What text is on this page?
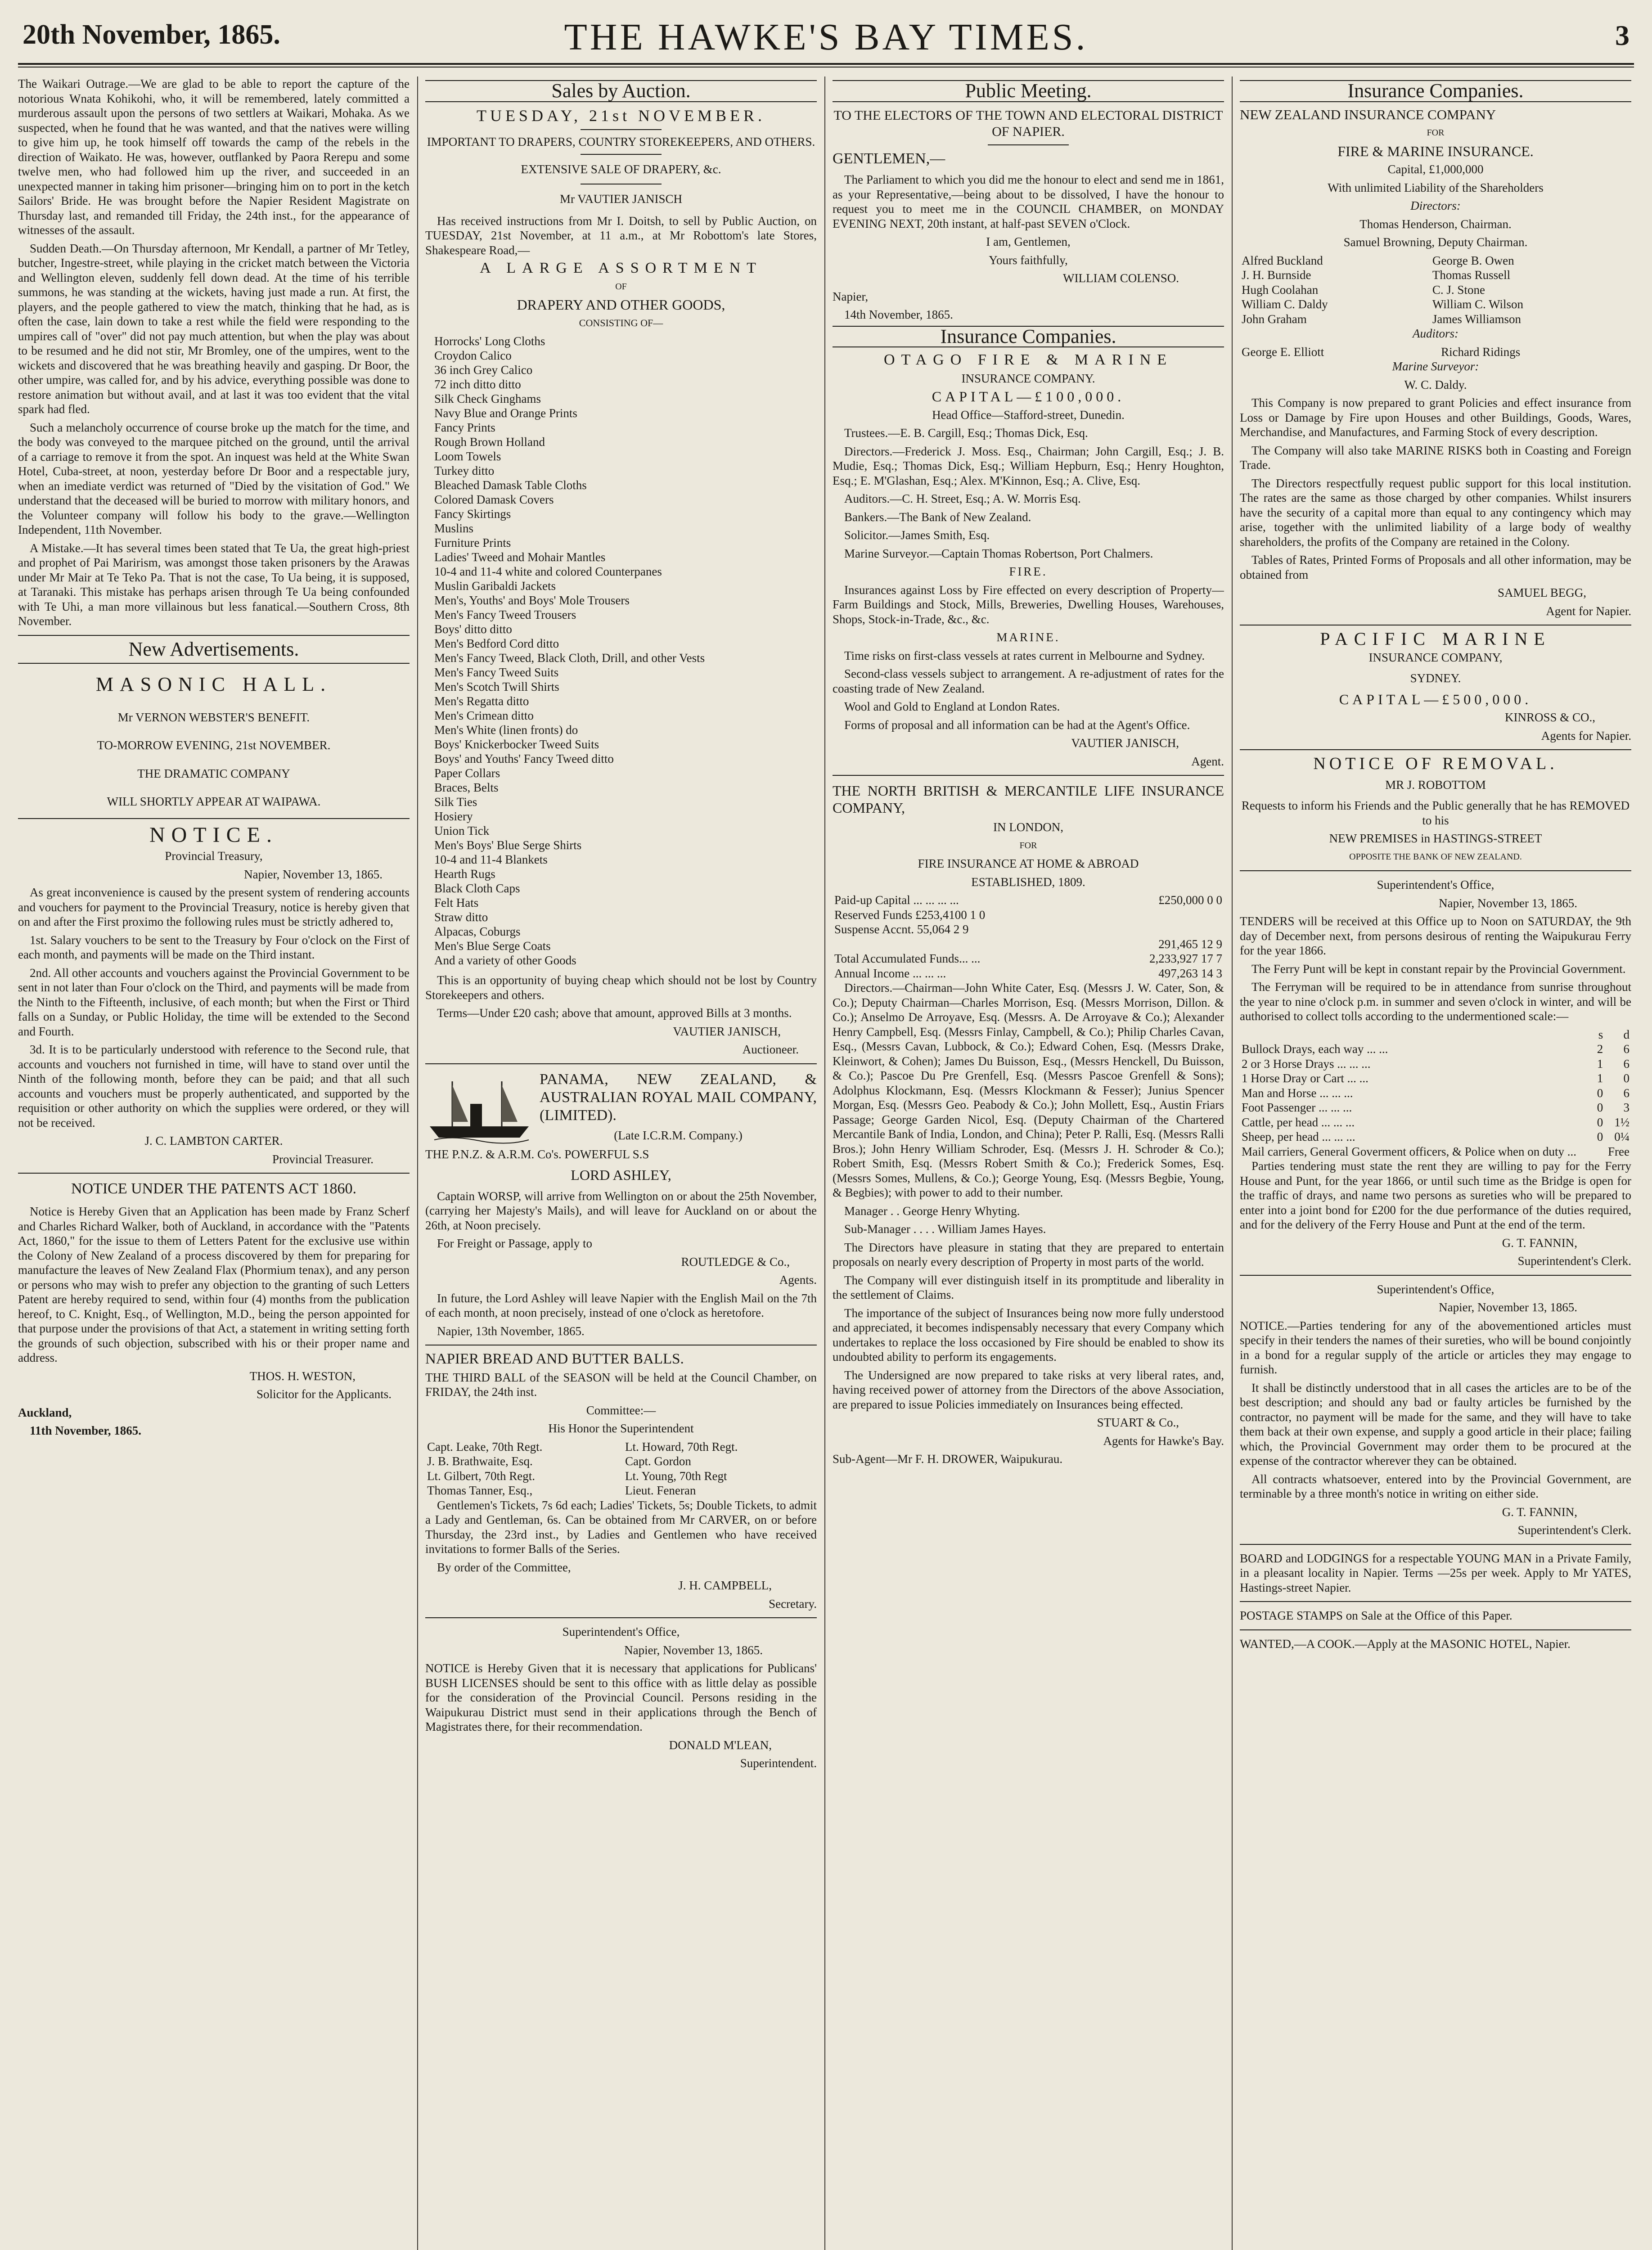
20th November, 1865.	THE HAWKE'S BAY TIMES.	3

The Waikari Outrage.—We are glad to be able to report the capture of the notorious Wnata Kohikohi, who, it will be remembered, lately committed a murderous assault upon the persons of two settlers at Waikari, Mohaka. As we suspected, when he found that he was wanted, and that the natives were willing to give him up, he took himself off towards the camp of the rebels in the direction of Waikato. He was, however, outflanked by Paora Rerepu and some twelve men, who had followed him up the river, and succeeded in an unexpected manner in taking him prisoner—bringing him on to port in the ketch Sailors' Bride. He was brought before the Napier Resident Magistrate on Thursday last, and remanded till Friday, the 24th inst., for the appearance of witnesses of the assault.

Sudden Death.—On Thursday afternoon, Mr Kendall, a partner of Mr Tetley, butcher, Ingestre-street, while playing in the cricket match between the Victoria and Wellington eleven, suddenly fell down dead. At the time of his terrible summons, he was standing at the wickets, having just made a run. At first, the players, and the people gathered to view the match, thinking that he had, as is often the case, lain down to take a rest while the field were responding to the umpires call of "over" did not pay much attention, but when the play was about to be resumed and he did not stir, Mr Bromley, one of the umpires, went to the wickets and discovered that he was breathing heavily and gasping. Dr Boor, the other umpire, was called for, and by his advice, everything possible was done to restore animation but without avail, and at last it was too evident that the vital spark had fled.

Such a melancholy occurrence of course broke up the match for the time, and the body was conveyed to the marquee pitched on the ground, until the arrival of a carriage to remove it from the spot. An inquest was held at the White Swan Hotel, Cuba-street, at noon, yesterday before Dr Boor and a respectable jury, when an imediate verdict was returned of "Died by the visitation of God." We understand that the deceased will be buried to morrow with military honors, and the Volunteer company will follow his body to the grave.—Wellington Independent, 11th November.

A Mistake.—It has several times been stated that Te Ua, the great high-priest and prophet of Pai Marirism, was amongst those taken prisoners by the Arawas under Mr Mair at Te Teko Pa. That is not the case, To Ua being, it is supposed, at Taranaki. This mistake has perhaps arisen through Te Ua being confounded with Te Uhi, a man more villainous but less fanatical.—Southern Cross, 8th November.

New Advertisements.
MASONIC HALL.

Mr VERNON WEBSTER'S BENEFIT.

TO-MORROW EVENING, 21st NOVEMBER.

THE DRAMATIC COMPANY

WILL SHORTLY APPEAR AT WAIPAWA.

NOTICE.

Provincial Treasury,

Napier, November 13, 1865.

As great inconvenience is caused by the present system of rendering accounts and vouchers for payment to the Provincial Treasury, notice is hereby given that on and after the First proximo the following rules must be strictly adhered to,

1st. Salary vouchers to be sent to the Treasury by Four o'clock on the First of each month, and payments will be made on the Third instant.

2nd. All other accounts and vouchers against the Provincial Government to be sent in not later than Four o'clock on the Third, and payments will be made from the Ninth to the Fifteenth, inclusive, of each month; but when the First or Third falls on a Sunday, or Public Holiday, the time will be extended to the Second and Fourth.

3d. It is to be particularly understood with reference to the Second rule, that accounts and vouchers not furnished in time, will have to stand over until the Ninth of the following month, before they can be paid; and that all such accounts and vouchers must be properly authenticated, and supported by the requisition or other authority on which the supplies were ordered, or they will not be received.

J. C. LAMBTON CARTER.

Provincial Treasurer.

NOTICE UNDER THE PATENTS ACT 1860.

Notice is Hereby Given that an Application has been made by Franz Scherf and Charles Richard Walker, both of Auckland, in accordance with the "Patents Act, 1860," for the issue to them of Letters Patent for the exclusive use within the Colony of New Zealand of a process discovered by them for preparing for manufacture the leaves of New Zealand Flax (Phormium tenax), and any person or persons who may wish to prefer any objection to the granting of such Letters Patent are hereby required to send, within four (4) months from the publication hereof, to C. Knight, Esq., of Wellington, M.D., being the person appointed for that purpose under the provisions of that Act, a statement in writing setting forth the grounds of such objection, subscribed with his or their proper name and address.

THOS. H. WESTON,

Solicitor for the Applicants.

Auckland,

11th November, 1865.

Sales by Auction.

TUESDAY, 21st NOVEMBER.

IMPORTANT TO DRAPERS, COUNTRY STOREKEEPERS, AND OTHERS.

EXTENSIVE SALE OF DRAPERY, &c.

Mr VAUTIER JANISCH

Has received instructions from Mr I. Doitsh, to sell by Public Auction, on TUESDAY, 21st November, at 11 a.m., at Mr Robottom's late Stores, Shakespeare Road,—

A LARGE ASSORTMENT

OF

DRAPERY AND OTHER GOODS,

CONSISTING OF—

Horrocks' Long Cloths
Croydon Calico
36 inch Grey Calico
72 inch ditto ditto
Silk Check Ginghams
Navy Blue and Orange Prints
Fancy Prints
Rough Brown Holland
Loom Towels
Turkey ditto
Bleached Damask Table Cloths
Colored Damask Covers
Fancy Skirtings
Muslins
Furniture Prints
Ladies' Tweed and Mohair Mantles
10-4 and 11-4 white and colored Counterpanes
Muslin Garibaldi Jackets
Men's, Youths' and Boys' Mole Trousers
Men's Fancy Tweed Trousers
Boys' ditto ditto
Men's Bedford Cord ditto
Men's Fancy Tweed, Black Cloth, Drill, and other Vests
Men's Fancy Tweed Suits
Men's Scotch Twill Shirts
Men's Regatta ditto
Men's Crimean ditto
Men's White (linen fronts) do
Boys' Knickerbocker Tweed Suits
Boys' and Youths' Fancy Tweed ditto
Paper Collars
Braces, Belts
Silk Ties
Hosiery
Union Tick
Men's Boys' Blue Serge Shirts
10-4 and 11-4 Blankets
Hearth Rugs
Black Cloth Caps
Felt Hats
Straw ditto
Alpacas, Coburgs
Men's Blue Serge Coats
And a variety of other Goods

This is an opportunity of buying cheap which should not be lost by Country Storekeepers and others.

Terms—Under £20 cash; above that amount, approved Bills at 3 months.

VAUTIER JANISCH,

Auctioneer.

PANAMA, NEW ZEALAND, & AUSTRALIAN ROYAL MAIL COMPANY, (LIMITED).

(Late I.C.R.M. Company.)

THE P.N.Z. & A.R.M. Co's. POWERFUL S.S

LORD ASHLEY,

Captain WORSP, will arrive from Wellington on or about the 25th November, (carrying her Majesty's Mails), and will leave for Auckland on or about the 26th, at Noon precisely.

For Freight or Passage, apply to

ROUTLEDGE & Co.,

Agents.

In future, the Lord Ashley will leave Napier with the English Mail on the 7th of each month, at noon precisely, instead of one o'clock as heretofore.

Napier, 13th November, 1865.

NAPIER BREAD AND BUTTER BALLS.

THE THIRD BALL of the SEASON will be held at the Council Chamber, on FRIDAY, the 24th inst.

Committee:—

His Honor the Superintendent

Capt. Leake, 70th Regt.	Lt. Howard, 70th Regt.
J. B. Brathwaite, Esq.	Capt. Gordon
Lt. Gilbert, 70th Regt.	Lt. Young, 70th Regt
Thomas Tanner, Esq.,	Lieut. Feneran

Gentlemen's Tickets, 7s 6d each; Ladies' Tickets, 5s; Double Tickets, to admit a Lady and Gentleman, 6s. Can be obtained from Mr CARVER, on or before Thursday, the 23rd inst., by Ladies and Gentlemen who have received invitations to former Balls of the Series.

By order of the Committee,

J. H. CAMPBELL,

Secretary.

Superintendent's Office,

Napier, November 13, 1865.

NOTICE is Hereby Given that it is necessary that applications for Publicans' BUSH LICENSES should be sent to this office with as little delay as possible for the consideration of the Provincial Council. Persons residing in the Waipukurau District must send in their applications through the Bench of Magistrates there, for their recommendation.

DONALD M'LEAN,

Superintendent.

Public Meeting.

TO THE ELECTORS OF THE TOWN AND ELECTORAL DISTRICT OF NAPIER.

GENTLEMEN,—

The Parliament to which you did me the honour to elect and send me in 1861, as your Representative,—being about to be dissolved, I have the honour to request you to meet me in the COUNCIL CHAMBER, on MONDAY EVENING NEXT, 20th instant, at half-past SEVEN o'Clock.

I am, Gentlemen,

Yours faithfully,

WILLIAM COLENSO.

Napier,

14th November, 1865.

Insurance Companies.

OTAGO FIRE & MARINE

INSURANCE COMPANY.

CAPITAL—£100,000.

Head Office—Stafford-street, Dunedin.

Trustees.—E. B. Cargill, Esq.; Thomas Dick, Esq.

Directors.—Frederick J. Moss. Esq., Chairman; John Cargill, Esq.; J. B. Mudie, Esq.; Thomas Dick, Esq.; William Hepburn, Esq.; Henry Houghton, Esq.; E. M'Glashan, Esq.; Alex. M'Kinnon, Esq.; A. Clive, Esq.

Auditors.—C. H. Street, Esq.; A. W. Morris Esq.

Bankers.—The Bank of New Zealand.

Solicitor.—James Smith, Esq.

Marine Surveyor.—Captain Thomas Robertson, Port Chalmers.

FIRE.

Insurances against Loss by Fire effected on every description of Property—Farm Buildings and Stock, Mills, Breweries, Dwelling Houses, Warehouses, Shops, Stock-in-Trade, &c., &c.

MARINE.

Time risks on first-class vessels at rates current in Melbourne and Sydney.

Second-class vessels subject to arrangement. A re-adjustment of rates for the coasting trade of New Zealand.

Wool and Gold to England at London Rates.

Forms of proposal and all information can be had at the Agent's Office.

VAUTIER JANISCH,

Agent.

THE NORTH BRITISH & MERCANTILE LIFE INSURANCE COMPANY,

IN LONDON,

FOR

FIRE INSURANCE AT HOME & ABROAD

ESTABLISHED, 1809.

Paid-up Capital ... ... ... ...	£250,000 0 0
Reserved Funds £253,4100 1 0	
Suspense Accnt. 55,064 2 9	
	291,465 12 9
Total Accumulated Funds... ...	2,233,927 17 7
Annual Income ... ... ...	497,263 14 3

Directors.—Chairman—John White Cater, Esq. (Messrs J. W. Cater, Son, & Co.); Deputy Chairman—Charles Morrison, Esq. (Messrs Morrison, Dillon. & Co.); Anselmo De Arroyave, Esq. (Messrs. A. De Arroyave & Co.); Alexander Henry Campbell, Esq. (Messrs Finlay, Campbell, & Co.); Philip Charles Cavan, Esq., (Messrs Cavan, Lubbock, & Co.); Edward Cohen, Esq. (Messrs Drake, Kleinwort, & Cohen); James Du Buisson, Esq., (Messrs Henckell, Du Buisson, & Co.); Pascoe Du Pre Grenfell, Esq. (Messrs Pascoe Grenfell & Sons); Adolphus Klockmann, Esq. (Messrs Klockmann & Fesser); Junius Spencer Morgan, Esq. (Messrs Geo. Peabody & Co.); John Mollett, Esq., Austin Friars Passage; George Garden Nicol, Esq. (Deputy Chairman of the Chartered Mercantile Bank of India, London, and China); Peter P. Ralli, Esq. (Messrs Ralli Bros.); John Henry William Schroder, Esq. (Messrs J. H. Schroder & Co.); Robert Smith, Esq. (Messrs Robert Smith & Co.); Frederick Somes, Esq. (Messrs Somes, Mullens, & Co.); George Young, Esq. (Messrs Begbie, Young, & Begbies); with power to add to their number.

Manager . . George Henry Whyting.

Sub-Manager . . . . William James Hayes.

The Directors have pleasure in stating that they are prepared to entertain proposals on nearly every description of Property in most parts of the world.

The Company will ever distinguish itself in its promptitude and liberality in the settlement of Claims.

The importance of the subject of Insurances being now more fully understood and appreciated, it becomes indispensably necessary that every Company which undertakes to replace the loss occasioned by Fire should be enabled to show its undoubted ability to perform its engagements.

The Undersigned are now prepared to take risks at very liberal rates, and, having received power of attorney from the Directors of the above Association, are prepared to issue Policies immediately on Insurances being effected.

STUART & Co.,

Agents for Hawke's Bay.

Sub-Agent—Mr F. H. DROWER, Waipukurau.

Insurance Companies.

NEW ZEALAND INSURANCE COMPANY

FOR

FIRE & MARINE INSURANCE.

Capital, £1,000,000

With unlimited Liability of the Shareholders

Directors:

Thomas Henderson, Chairman.

Samuel Browning, Deputy Chairman.

Alfred Buckland	George B. Owen
J. H. Burnside	Thomas Russell
Hugh Coolahan	C. J. Stone
William C. Daldy	William C. Wilson
John Graham	James Williamson

Auditors:

George E. Elliott	Richard Ridings

Marine Surveyor:

W. C. Daldy.

This Company is now prepared to grant Policies and effect insurance from Loss or Damage by Fire upon Houses and other Buildings, Goods, Wares, Merchandise, and Manufactures, and Farming Stock of every description.

The Company will also take MARINE RISKS both in Coasting and Foreign Trade.

The Directors respectfully request public support for this local institution. The rates are the same as those charged by other companies. Whilst insurers have the security of a capital more than equal to any contingency which may arise, together with the unlimited liability of a large body of wealthy shareholders, the profits of the Company are retained in the Colony.

Tables of Rates, Printed Forms of Proposals and all other information, may be obtained from

SAMUEL BEGG,

Agent for Napier.

PACIFIC MARINE

INSURANCE COMPANY,

SYDNEY.

CAPITAL—£500,000.

KINROSS & CO.,

Agents for Napier.

NOTICE OF REMOVAL.

MR J. ROBOTTOM

Requests to inform his Friends and the Public generally that he has REMOVED to his

NEW PREMISES in HASTINGS-STREET

OPPOSITE THE BANK OF NEW ZEALAND.

Superintendent's Office,

Napier, November 13, 1865.

TENDERS will be received at this Office up to Noon on SATURDAY, the 9th day of December next, from persons desirous of renting the Waipukurau Ferry for the year 1866.

The Ferry Punt will be kept in constant repair by the Provincial Government.

The Ferryman will be required to be in attendance from sunrise throughout the year to nine o'clock p.m. in summer and seven o'clock in winter, and will be authorised to collect tolls according to the undermentioned scale:—

	s	d
Bullock Drays, each way ... ...	2	6
2 or 3 Horse Drays ... ... ...	1	6
1 Horse Dray or Cart ... ...	1	0
Man and Horse ... ... ...	0	6
Foot Passenger ... ... ...	0	3
Cattle, per head ... ... ...	0	1½
Sheep, per head ... ... ...	0	0¼
Mail carriers, General Goverment officers, & Police when on duty ...		Free

Parties tendering must state the rent they are willing to pay for the Ferry House and Punt, for the year 1866, or until such time as the Bridge is open for the traffic of drays, and name two persons as sureties who will be prepared to enter into a joint bond for £200 for the due performance of the duties required, and for the delivery of the Ferry House and Punt at the end of the term.

G. T. FANNIN,

Superintendent's Clerk.

Superintendent's Office,

Napier, November 13, 1865.

NOTICE.—Parties tendering for any of the abovementioned articles must specify in their tenders the names of their sureties, who will be bound conjointly in a bond for a regular supply of the article or articles they may engage to furnish.

It shall be distinctly understood that in all cases the articles are to be of the best description; and should any bad or faulty articles be furnished by the contractor, no payment will be made for the same, and they will have to take them back at their own expense, and supply a good article in their place; failing which, the Provincial Government may order them to be procured at the expense of the contractor wherever they can be obtained.

All contracts whatsoever, entered into by the Provincial Government, are terminable by a three month's notice in writing on either side.

G. T. FANNIN,

Superintendent's Clerk.

BOARD and LODGINGS for a respectable YOUNG MAN in a Private Family, in a pleasant locality in Napier. Terms —25s per week. Apply to Mr YATES, Hastings-street Napier.

POSTAGE STAMPS on Sale at the Office of this Paper.

WANTED,—A COOK.—Apply at the MASONIC HOTEL, Napier.
